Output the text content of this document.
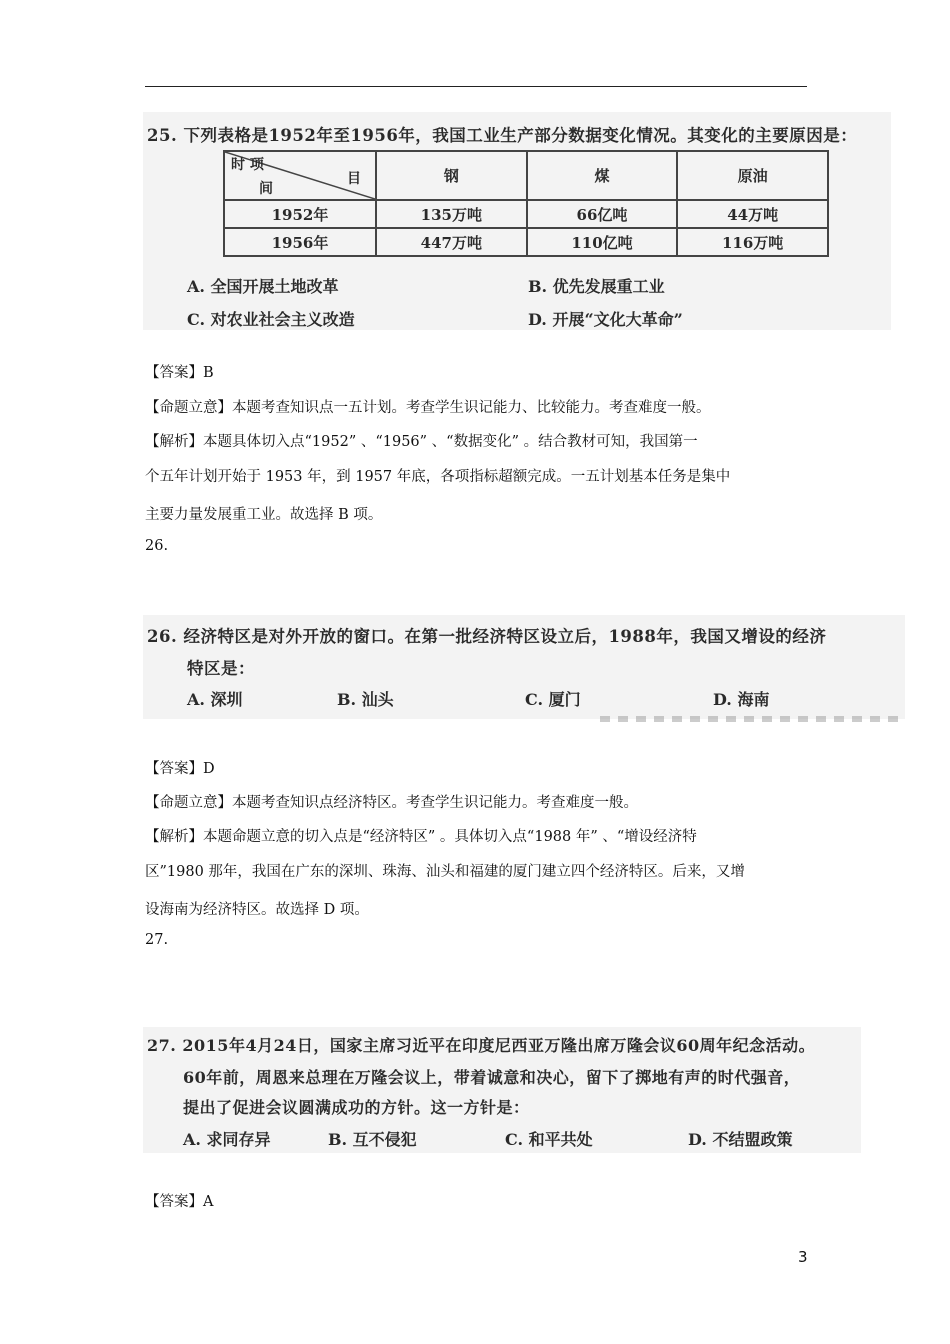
25. 下列表格是1952年至1956年，我国工业生产部分数据变化情况。其变化的主要原因是：
时 项
目
间	钢	煤	原油
1952年	135万吨	66亿吨	44万吨
1956年	447万吨	110亿吨	116万吨
A. 全国开展土地改革	B. 优先发展重工业
C. 对农业社会主义改造	D. 开展“文化大革命”
【答案】B
【命题立意】本题考查知识点一五计划。考查学生识记能力、比较能力。考查难度一般。
【解析】本题具体切入点“1952” 、“1956” 、“数据变化” 。结合教材可知，我国第一
个五年计划开始于 1953 年，到 1957 年底，各项指标超额完成。一五计划基本任务是集中
主要力量发展重工业。故选择 B 项。
26.
26. 经济特区是对外开放的窗口。在第一批经济特区设立后，1988年，我国又增设的经济
特区是：
A. 深圳	B. 汕头	C. 厦门	D. 海南
【答案】D
【命题立意】本题考查知识点经济特区。考查学生识记能力。考查难度一般。
【解析】本题命题立意的切入点是“经济特区” 。具体切入点“1988 年” 、“增设经济特
区”1980 那年，我国在广东的深圳、珠海、汕头和福建的厦门建立四个经济特区。后来，又增
设海南为经济特区。故选择 D 项。
27.
27. 2015年4月24日，国家主席习近平在印度尼西亚万隆出席万隆会议60周年纪念活动。
60年前，周恩来总理在万隆会议上，带着诚意和决心，留下了掷地有声的时代强音，
提出了促进会议圆满成功的方针。这一方针是：
A. 求同存异	B. 互不侵犯	C. 和平共处	D. 不结盟政策
【答案】A
3
